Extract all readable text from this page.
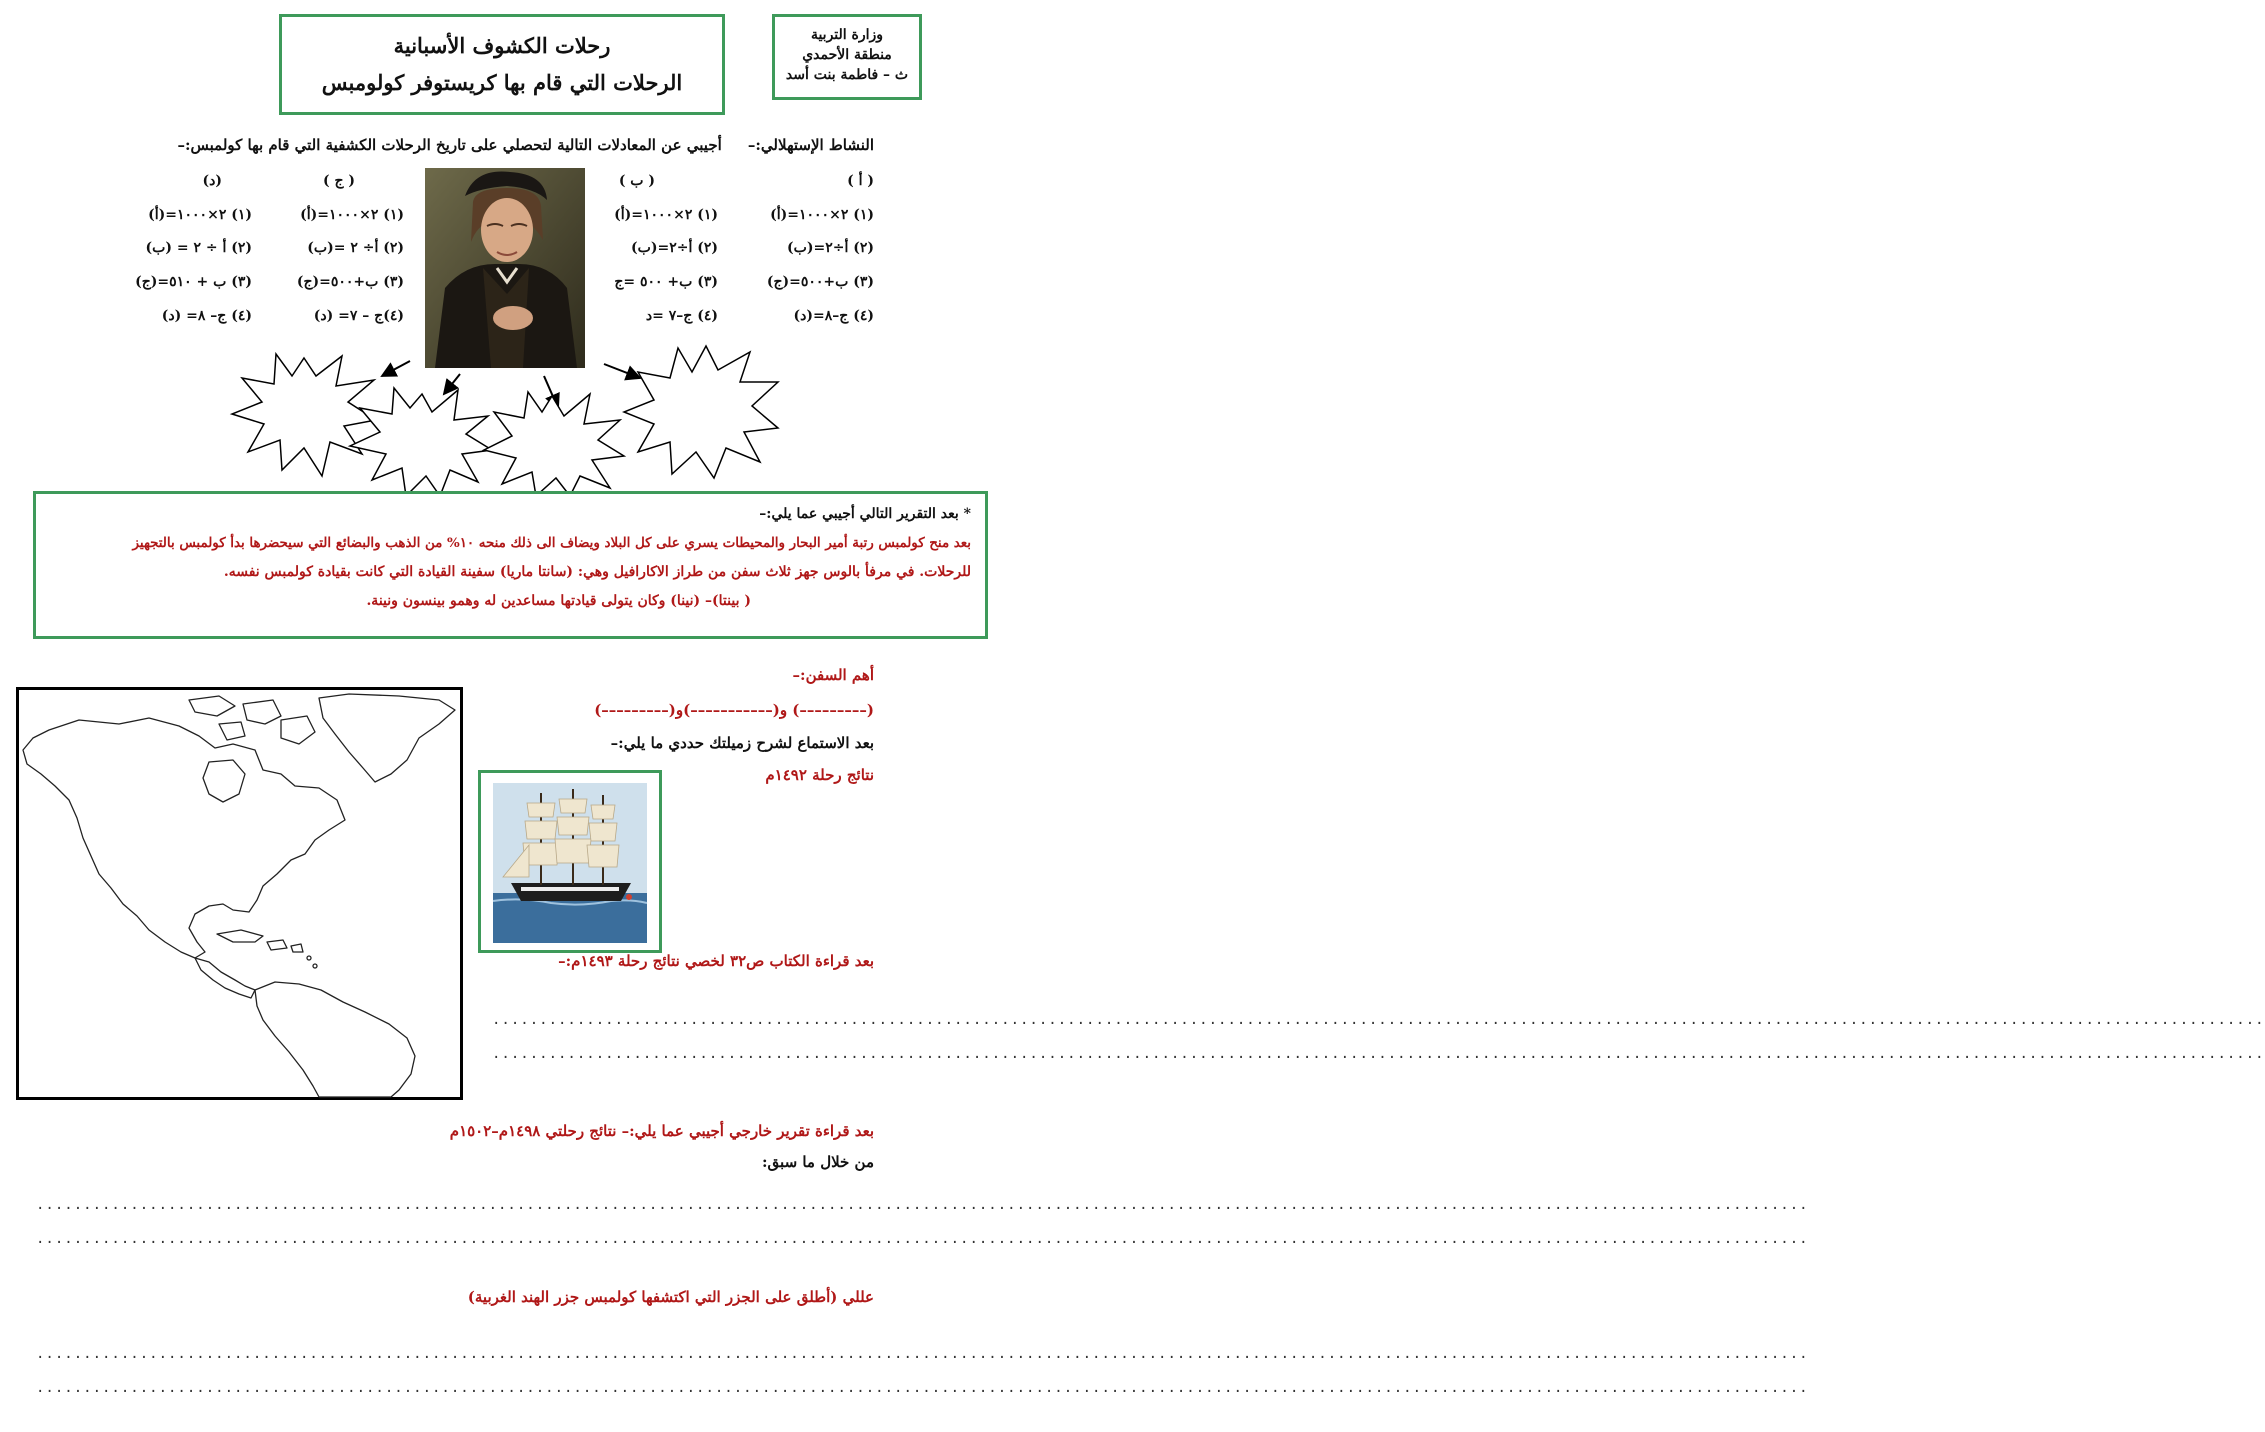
وزارة التربية
منطقة الأحمدي
ث – فاطمة بنت أسد
رحلات الكشوف الأسبانية
الرحلات التي قام بها كريستوفر كولومبس
النشاط الإستهلالي:–     أجيبي عن المعادلات التالية لتحصلي على تاريخ الرحلات الكشفية التي قام بها كولمبس:–
( أ )
(١) ٢×١٠٠٠=(أ)
(٢) أ÷٢=(ب)
(٣) ب+٥٠٠=(ج)
(٤) ج–٨=(د)
( ب )
(١) ٢×١٠٠٠=(أ)
(٢) أ÷٢=(ب)
(٣) ب+ ٥٠٠ =ج
(٤) ج–٧ =د
( ج )
(١) ٢×١٠٠٠=(أ)
(٢) أ÷ ٢ =(ب)
(٣) ب+٥٠٠=(ج)
(٤)ج – ٧= (د)
(د)
(١) ٢×١٠٠٠=(أ)
(٢) أ ÷ ٢ = (ب)
(٣) ب + ٥١٠=(ج)
(٤) ج– ٨= (د)
* بعد التقرير التالي أجيبي عما يلي:–
بعد منح كولمبس رتبة أمير البحار والمحيطات يسري على كل البلاد ويضاف الى ذلك منحه ١٠% من الذهب والبضائع التي سيحضرها بدأ كولمبس بالتجهيز
للرحلات. في مرفأ بالوس جهز ثلاث سفن من طراز الاكارافيل وهي: (سانتا ماريا) سفينة القيادة التي كانت بقيادة كولمبس نفسه.
( بينتا)– (نينا) وكان يتولى قيادتها مساعدين له وهمو بينسون ونينة.
أهم السفن:–
(–––––––––) و(–––––––––––)و(–––––––––)
بعد الاستماع لشرح زميلتك حددي ما يلي:–
نتائج رحلة ١٤٩٢م
بعد قراءة الكتاب ص٣٢ لخصي نتائج رحلة ١٤٩٣م:–
............................................................................................................................................................................................
............................................................................................................................................................................................
بعد قراءة تقرير خارجي أجيبي عما يلي:– نتائج رحلتي ١٤٩٨م–١٥٠٢م
من خلال ما سبق:
............................................................................................................................................................................................
............................................................................................................................................................................................
عللي (أطلق على الجزر التي اكتشفها كولمبس جزر الهند الغربية)
............................................................................................................................................................................................
............................................................................................................................................................................................
